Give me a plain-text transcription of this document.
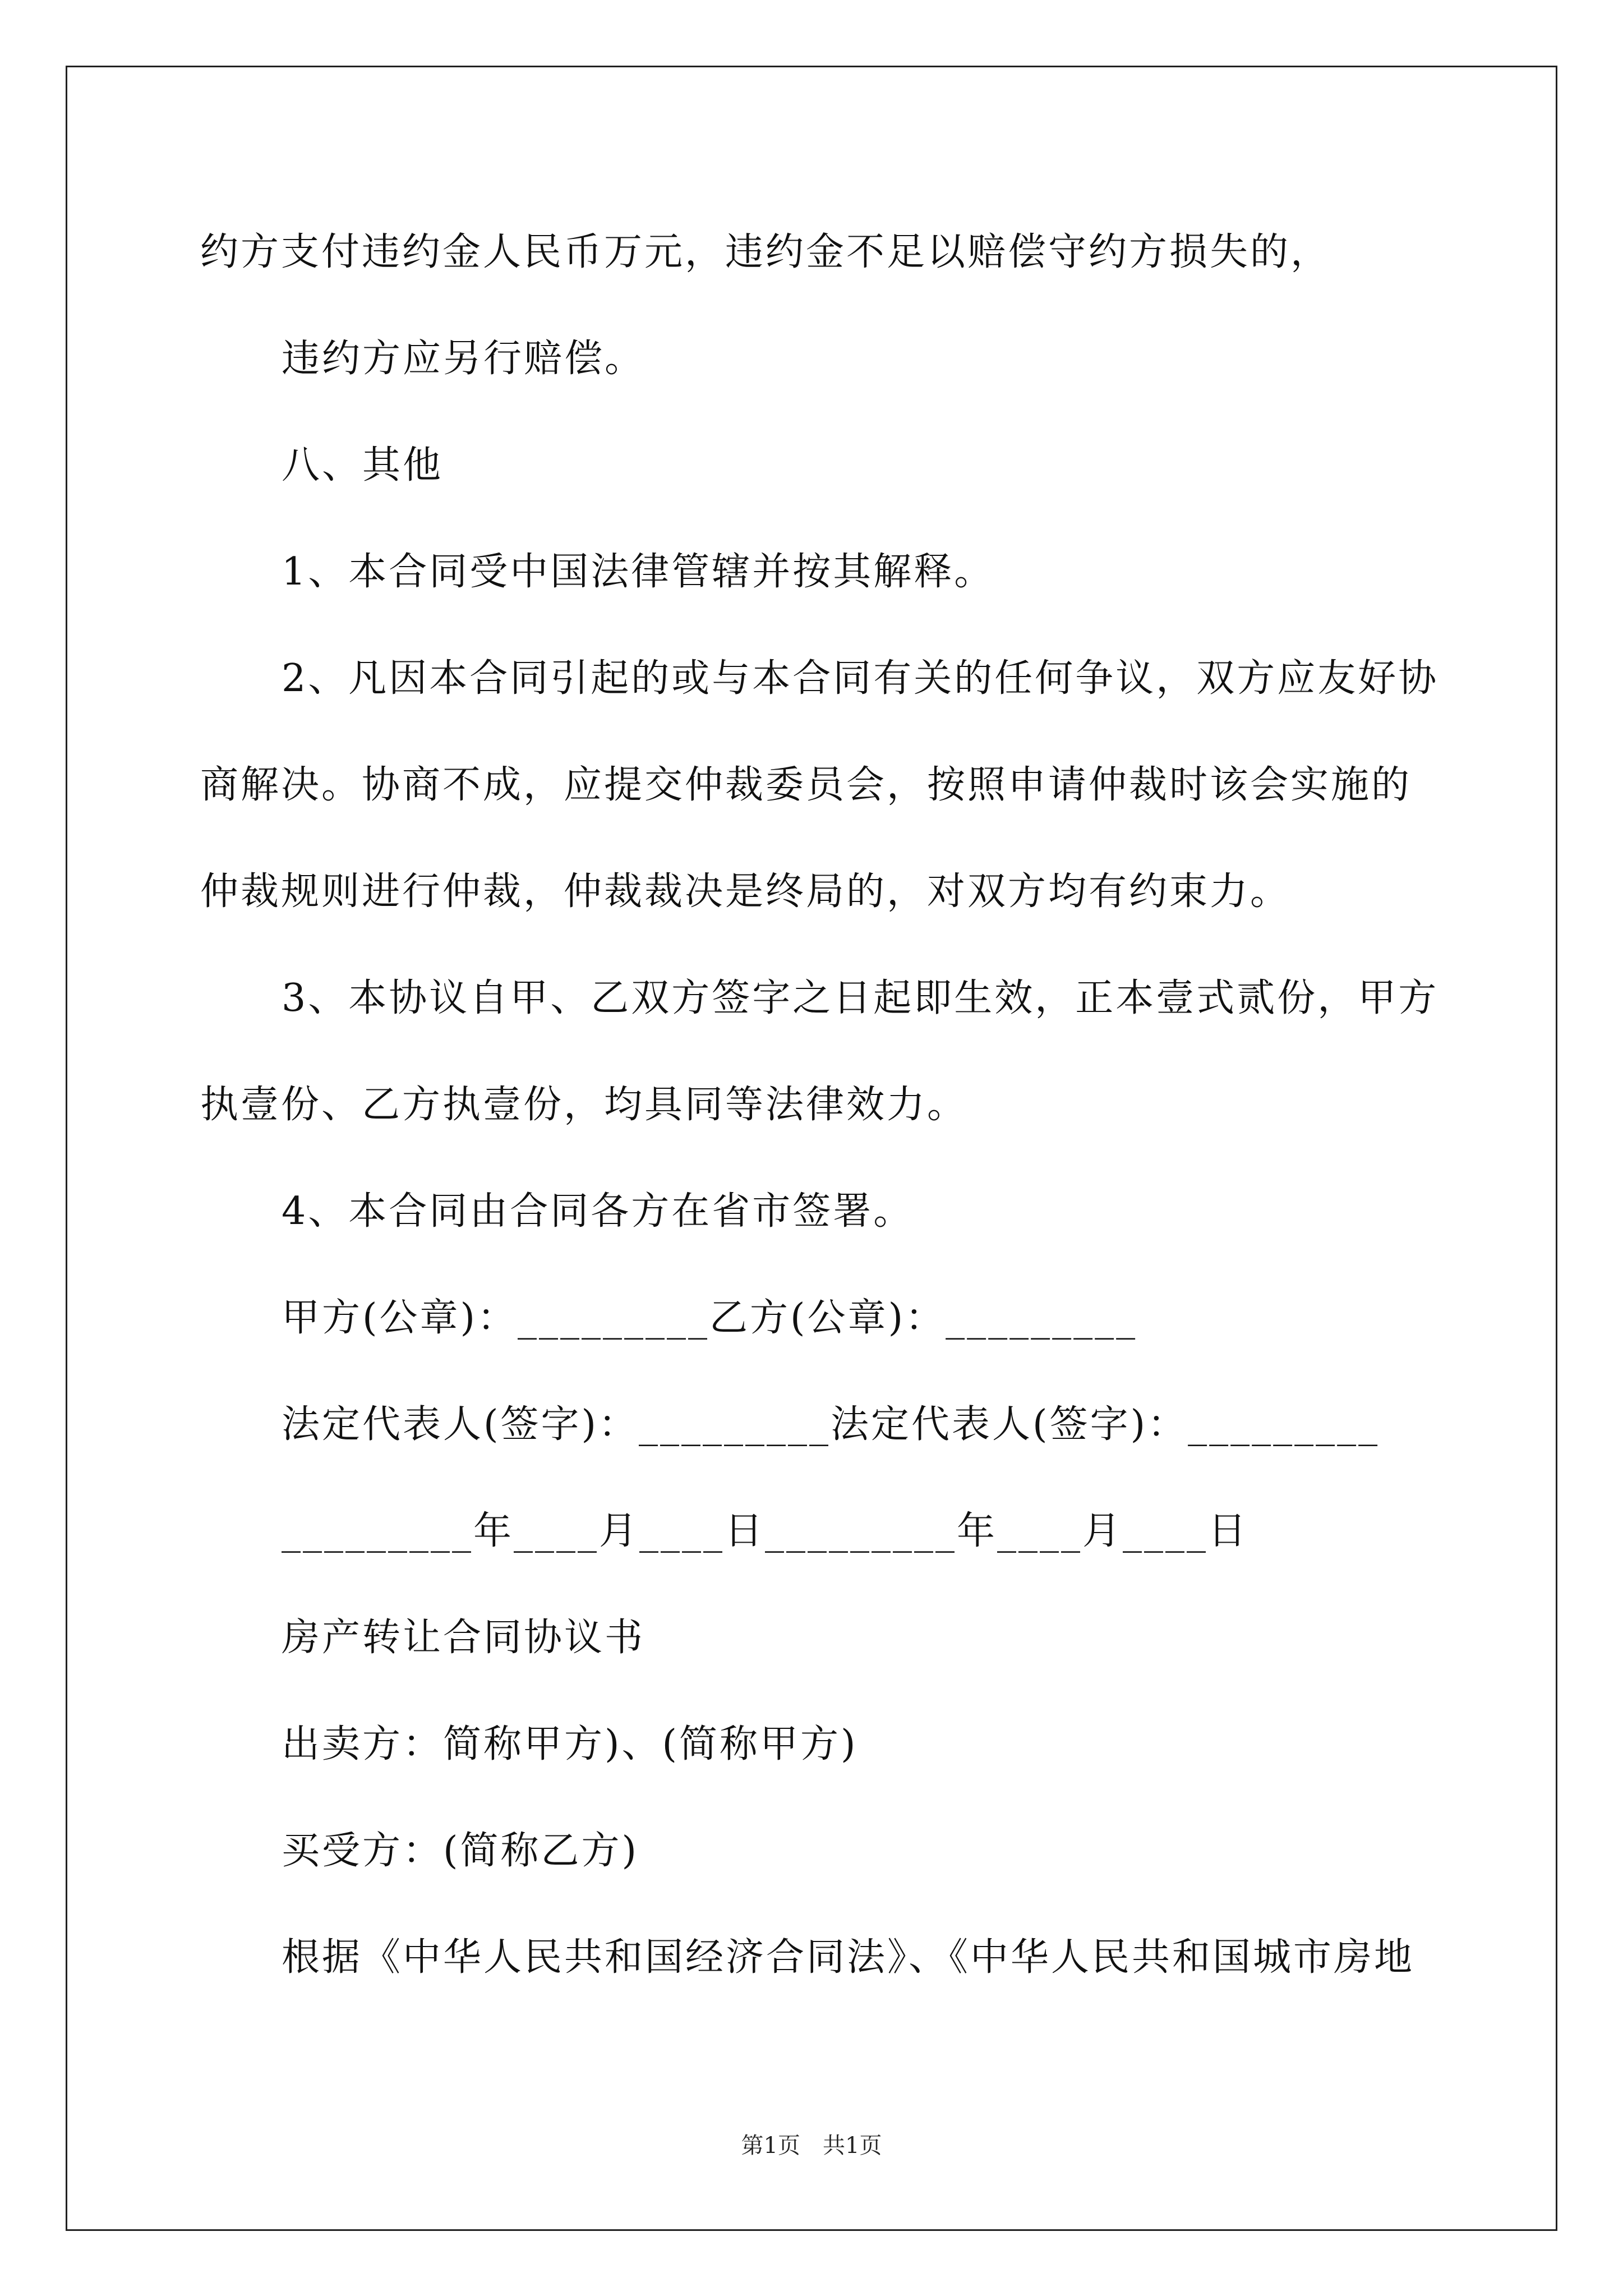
约方支付违约金人民币万元，违约金不足以赔偿守约方损失的，
违约方应另行赔偿。
八、其他
1、本合同受中国法律管辖并按其解释。
2、凡因本合同引起的或与本合同有关的任何争议，双方应友好协
商解决。协商不成，应提交仲裁委员会，按照申请仲裁时该会实施的
仲裁规则进行仲裁，仲裁裁决是终局的，对双方均有约束力。
3、本协议自甲、乙双方签字之日起即生效，正本壹式贰份，甲方
执壹份、乙方执壹份，均具同等法律效力。
4、本合同由合同各方在省市签署。
甲方(公章)：_________乙方(公章)：_________
法定代表人(签字)：_________法定代表人(签字)：_________
_________年____月____日_________年____月____日
房产转让合同协议书
出卖方：简称甲方)、(简称甲方)
买受方：(简称乙方)
根据《中华人民共和国经济合同法》、《中华人民共和国城市房地
第1页　共1页
